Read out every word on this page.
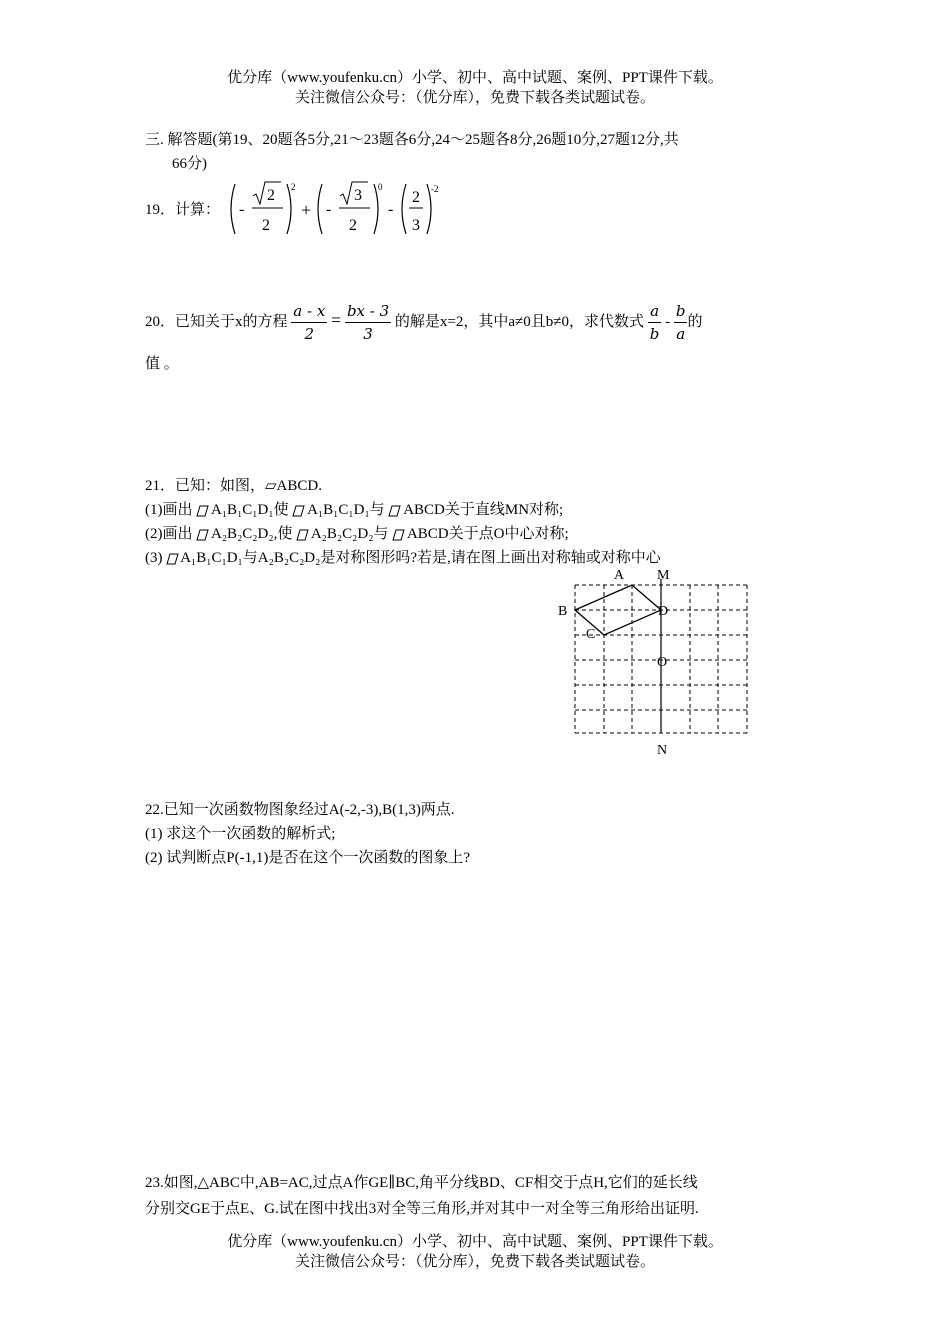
优分库（www.youfenku.cn）小学、初中、高中试题、案例、PPT课件下载。
关注微信公众号：（优分库），免费下载各类试题试卷。
三. 解答题(第19、20题各5分,21～23题各6分,24～25题各8分,26题10分,27题12分,共
66分)
19．计算： -
2
2
2
+ -
3
2
0
-
2
3
-2
20．已知关于x的方程 $\frac{a - x}{2} = \frac{bx - 3}{3}$ 的解是x=2，其中a≠0且b≠0，求代数式 $\frac{a}{b} - \frac{b}{a}$ 的
值 。
21．已知：如图，▱ABCD.
(1)画出 A₁B₁C₁D₁使 A₁B₁C₁D₁与 ABCD关于直线MN对称;
(2)画出 A₂B₂C₂D₂,使 A₂B₂C₂D₂与 ABCD关于点O中心对称;
(3) A₁B₁C₁D₁与A₂B₂C₂D₂是对称图形吗?若是,请在图上画出对称轴或对称中心
A M
B	D
C
O
N
22.已知一次函数物图象经过A(-2,-3),B(1,3)两点.
(1) 求这个一次函数的解析式;
(2) 试判断点P(-1,1)是否在这个一次函数的图象上?
23.如图,△ABC中,AB=AC,过点A作GE∥BC,角平分线BD、CF相交于点H,它们的延长线
分别交GE于点E、G.试在图中找出3对全等三角形,并对其中一对全等三角形给出证明.
优分库（www.youfenku.cn）小学、初中、高中试题、案例、PPT课件下载。
关注微信公众号：（优分库），免费下载各类试题试卷。
